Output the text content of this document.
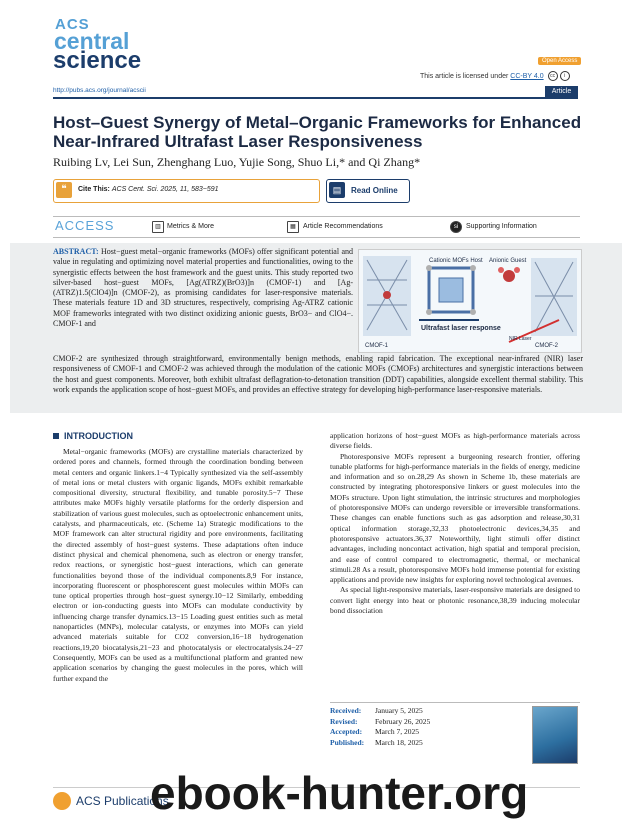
ACS
central
science	Open Access
This article is licensed under CC-BY 4.0 cc i
http://pubs.acs.org/journal/acscii	Article
Host–Guest Synergy of Metal–Organic Frameworks for Enhanced Near-Infrared Ultrafast Laser Responsiveness
Ruibing Lv, Lei Sun, Zhenghang Luo, Yujie Song, Shuo Li,* and Qi Zhang*
❝	Cite This: ACS Cent. Sci. 2025, 11, 583−591	▤	Read Online
ACCESS	▥ Metrics & More	▦	Article Recommendations	si	Supporting Information
ABSTRACT: Host−guest metal−organic frameworks (MOFs) offer significant potential and value in regulating and optimizing novel material properties and functionalities, owing to the synergistic effects between the host framework and the guest units. This study reported two silver-based host−guest MOFs, [Ag(ATRZ)(BrO3)]n (CMOF-1) and [Ag-(ATRZ)1.5(ClO4)]n (CMOF-2), as promising candidates for laser-responsive materials. These materials feature 1D and 3D structures, respectively, comprising Ag-ATRZ cationic MOF frameworks integrated with two distinct oxidizing anionic guests, BrO3− and ClO4−. CMOF-1 and
CMOF-2 are synthesized through straightforward, environmentally benign methods, enabling rapid fabrication. The exceptional near-infrared (NIR) laser responsiveness of CMOF-1 and CMOF-2 was achieved through the modulation of the cationic MOFs (CMOFs) architectures and synergistic interactions between the host and guest components. Moreover, both exhibit ultrafast deflagration-to-detonation transition (DDT) capabilities, alongside excellent thermal stability. This work expands the application scope of host−guest MOFs, and provides an effective strategy for developing high-performance laser-responsive materials.
Cationic MOFs Host Anionic Guest
Ultrafast laser response
CMOF-1	CMOF-2
NIR Laser
INTRODUCTION

Metal−organic frameworks (MOFs) are crystalline materials characterized by ordered pores and channels, formed through the coordination bonding between metal centers and organic linkers.1−4 Typically synthesized via the self-assembly of metal ions or metal clusters with organic ligands, MOFs exhibit remarkable compositional diversity, structural flexibility, and tunable porosity.5−7 These attributes make MOFs highly versatile platforms for the orderly dispersion and stabilization of various guest molecules, such as optoelectronic enhancement units, catalysts, and pharmaceuticals, etc. (Scheme 1a) Strategic modifications to the MOF framework can alter structural rigidity and pore environments, facilitating the directed assembly of host−guest systems. These adaptations often induce distinct physical and chemical phenomena, such as electron or energy transfer, redox reactions, or synergistic host−guest interactions, which can generate functionalities beyond those of the individual components.8,9 For instance, incorporating fluorescent or phosphorescent guest molecules within MOFs can tune optical properties through host−guest synergy.10−12 Similarly, embedding electron or ion-conducting guests into MOFs can modulate conductivity by influencing charge transfer dynamics.13−15 Loading guest entities such as metal nanoparticles (MNPs), molecular catalysts, or enzymes into MOFs can yield advanced materials suitable for CO2 conversion,16−18 hydrogenation reactions,19,20 biocatalysis,21−23 and photocatalysis or electrocatalysis.24−27 Consequently, MOFs can be used as a multifunctional platform and granted new application scenarios by changing the guest molecules in the pores, which will further expand the

application horizons of host−guest MOFs as high-performance materials across diverse fields.

Photoresponsive MOFs represent a burgeoning research frontier, offering tunable platforms for high-performance materials in the fields of energy, medicine and information and so on.28,29 As shown in Scheme 1b, these materials are constructed by integrating photoresponsive linkers or guest molecules into the MOFs structure. Upon light stimulation, the intrinsic structures and morphologies of photoresponsive MOFs can undergo reversible or irreversible transformations. These changes can enable functions such as gas adsorption and release,30,31 optical information storage,32,33 photoelectronic devices,34,35 and photoresponsive actuators.36,37 Noteworthily, light stimuli offer distinct advantages, including noncontact activation, high spatial and temporal precision, and ease of control compared to electromagnetic, thermal, or mechanical stimuli.28 As a result, photoresponsive MOFs hold immense potential for existing applications and provide new insights for exploring novel technological avenues.

As special light-responsive materials, laser-responsive materials are designed to convert light energy into heat or photonic resonance,38,39 inducing molecular bond dissociation

Received: January 5, 2025
Revised: February 26, 2025
Accepted: March 7, 2025
Published: March 18, 2025
ACS Publications
ebook-hunter.org
